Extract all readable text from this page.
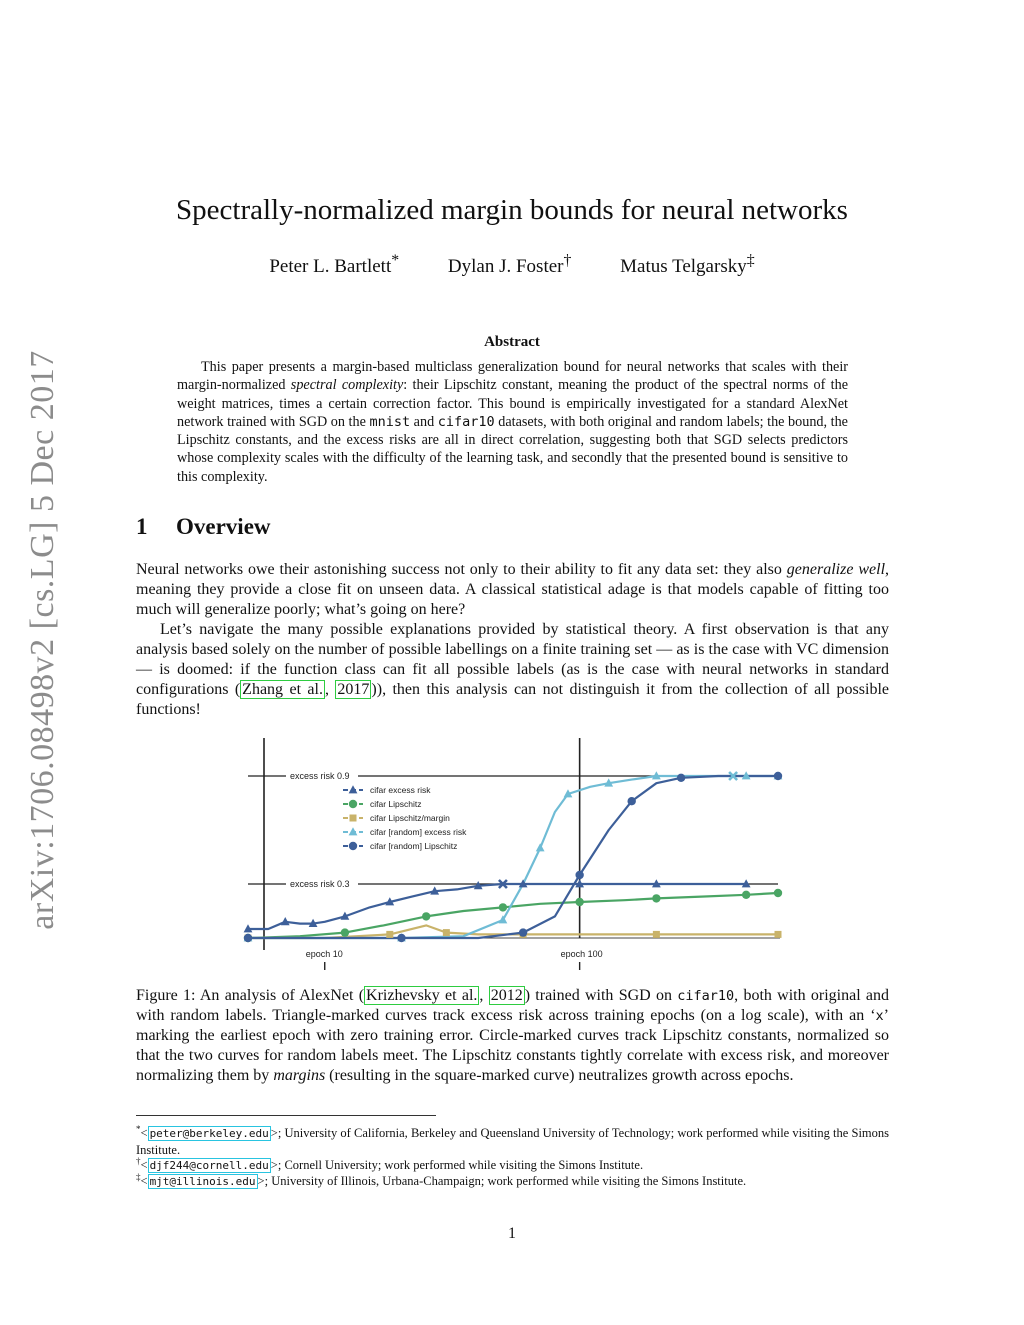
arXiv:1706.08498v2 [cs.LG] 5 Dec 2017
Spectrally-normalized margin bounds for neural networks
Peter L. Bartlett*	Dylan J. Foster†	Matus Telgarsky‡
Abstract

This paper presents a margin-based multiclass generalization bound for neural networks that scales with their margin-normalized spectral complexity: their Lipschitz constant, meaning the product of the spectral norms of the weight matrices, times a certain correction factor. This bound is empirically investigated for a standard AlexNet network trained with SGD on the mnist and cifar10 datasets, with both original and random labels; the bound, the Lipschitz constants, and the excess risks are all in direct correlation, suggesting both that SGD selects predictors whose complexity scales with the difficulty of the learning task, and secondly that the presented bound is sensitive to this complexity.

1 Overview

Neural networks owe their astonishing success not only to their ability to fit any data set: they also generalize well, meaning they provide a close fit on unseen data. A classical statistical adage is that models capable of fitting too much will generalize poorly; what’s going on here?

Let’s navigate the many possible explanations provided by statistical theory. A first observation is that any analysis based solely on the number of possible labellings on a finite training set — as is the case with VC dimension — is doomed: if the function class can fit all possible labels (as is the case with neural networks in standard configurations ( Zhang et al. , 2017 )), then this analysis can not distinguish it from the collection of all possible functions!

excess risk 0.3
excess risk 0.9
epoch 10	epoch 100
cifar excess risk
cifar Lipschitz
cifar Lipschitz/margin
cifar [random] excess risk
cifar [random] Lipschitz

Figure 1: An analysis of AlexNet ( Krizhevsky et al. , 2012 ) trained with SGD on cifar10, both with original and with random labels. Triangle-marked curves track excess risk across training epochs (on a log scale), with an ‘x’ marking the earliest epoch with zero training error. Circle-marked curves track Lipschitz constants, normalized so that the two curves for random labels meet. The Lipschitz constants tightly correlate with excess risk, and moreover normalizing them by margins (resulting in the square-marked curve) neutralizes growth across epochs.

*< peter@berkeley.edu >; University of California, Berkeley and Queensland University of Technology; work performed while visiting the Simons Institute.

†< djf244@cornell.edu >; Cornell University; work performed while visiting the Simons Institute.

‡< mjt@illinois.edu >; University of Illinois, Urbana-Champaign; work performed while visiting the Simons Institute.

1
